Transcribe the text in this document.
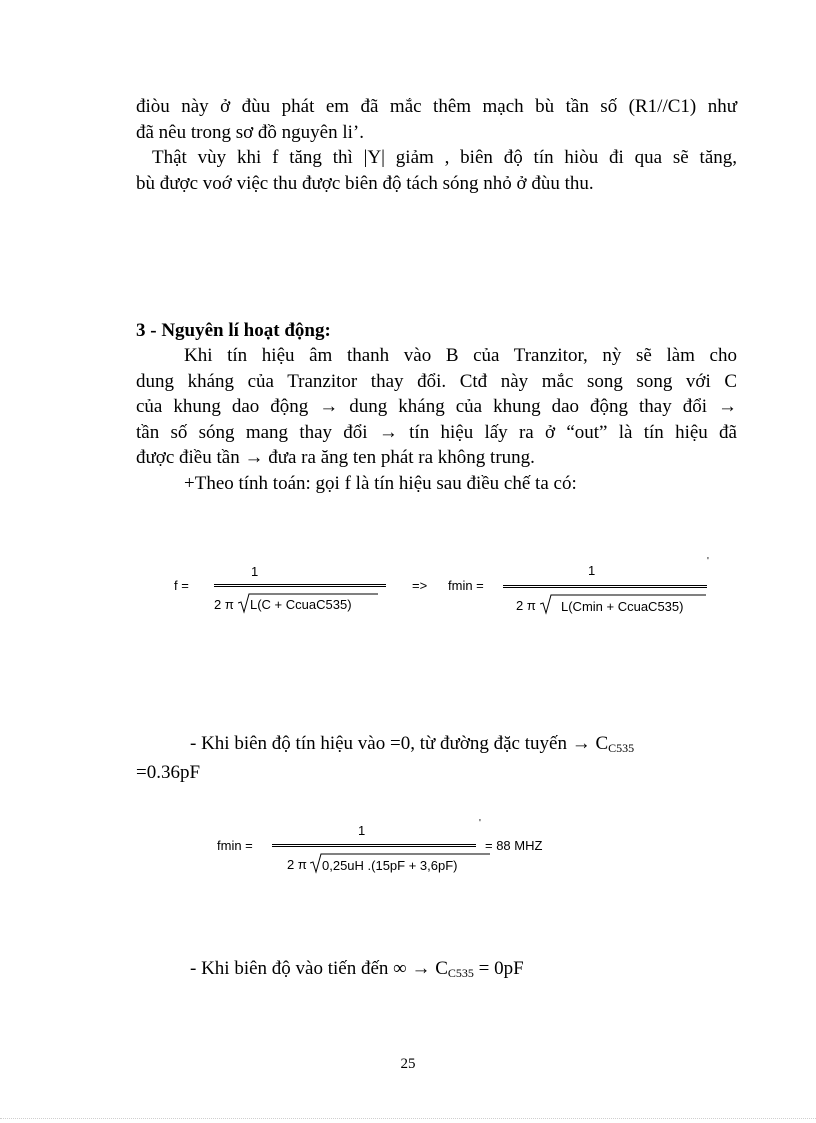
điòu này ở đùu phát em đã mắc thêm mạch bù tần số (R1//C1) như
đã nêu trong sơ đồ nguyên li’.
Thật vùy khi f tăng thì |Y| giảm , biên độ tín hiòu đi qua sẽ tăng,
bù được voớ việc thu được biên độ tách sóng nhỏ ở đùu thu.
3 - Nguyên lí hoạt động:
Khi tín hiệu âm thanh vào B của Tranzitor, nỳ sẽ làm cho
dung kháng của Tranzitor thay đổi. Ctđ này mắc song song với C
của khung dao động → dung kháng của khung dao động thay đổi →
tần số sóng mang thay đổi → tín hiệu lấy ra ở “out” là tín hiệu đã
được điều tần → đưa ra ăng ten phát ra không trung.
+Theo tính toán: gọi f là tín hiệu sau điều chế ta có:
f =
1
2 π L(C + CcuaC535)
=> fmin =
1
'
2 π L(Cmin + CcuaC535)
- Khi biên độ tín hiệu vào =0, từ đường đặc tuyến → $C_{C535}$
=0.36pF
fmin =
1	'
2 π 0,25uH .(15pF + 3,6pF)
= 88 MHZ
- Khi biên độ vào tiến đến ∞ → $C_{C535} = 0pF$
25
